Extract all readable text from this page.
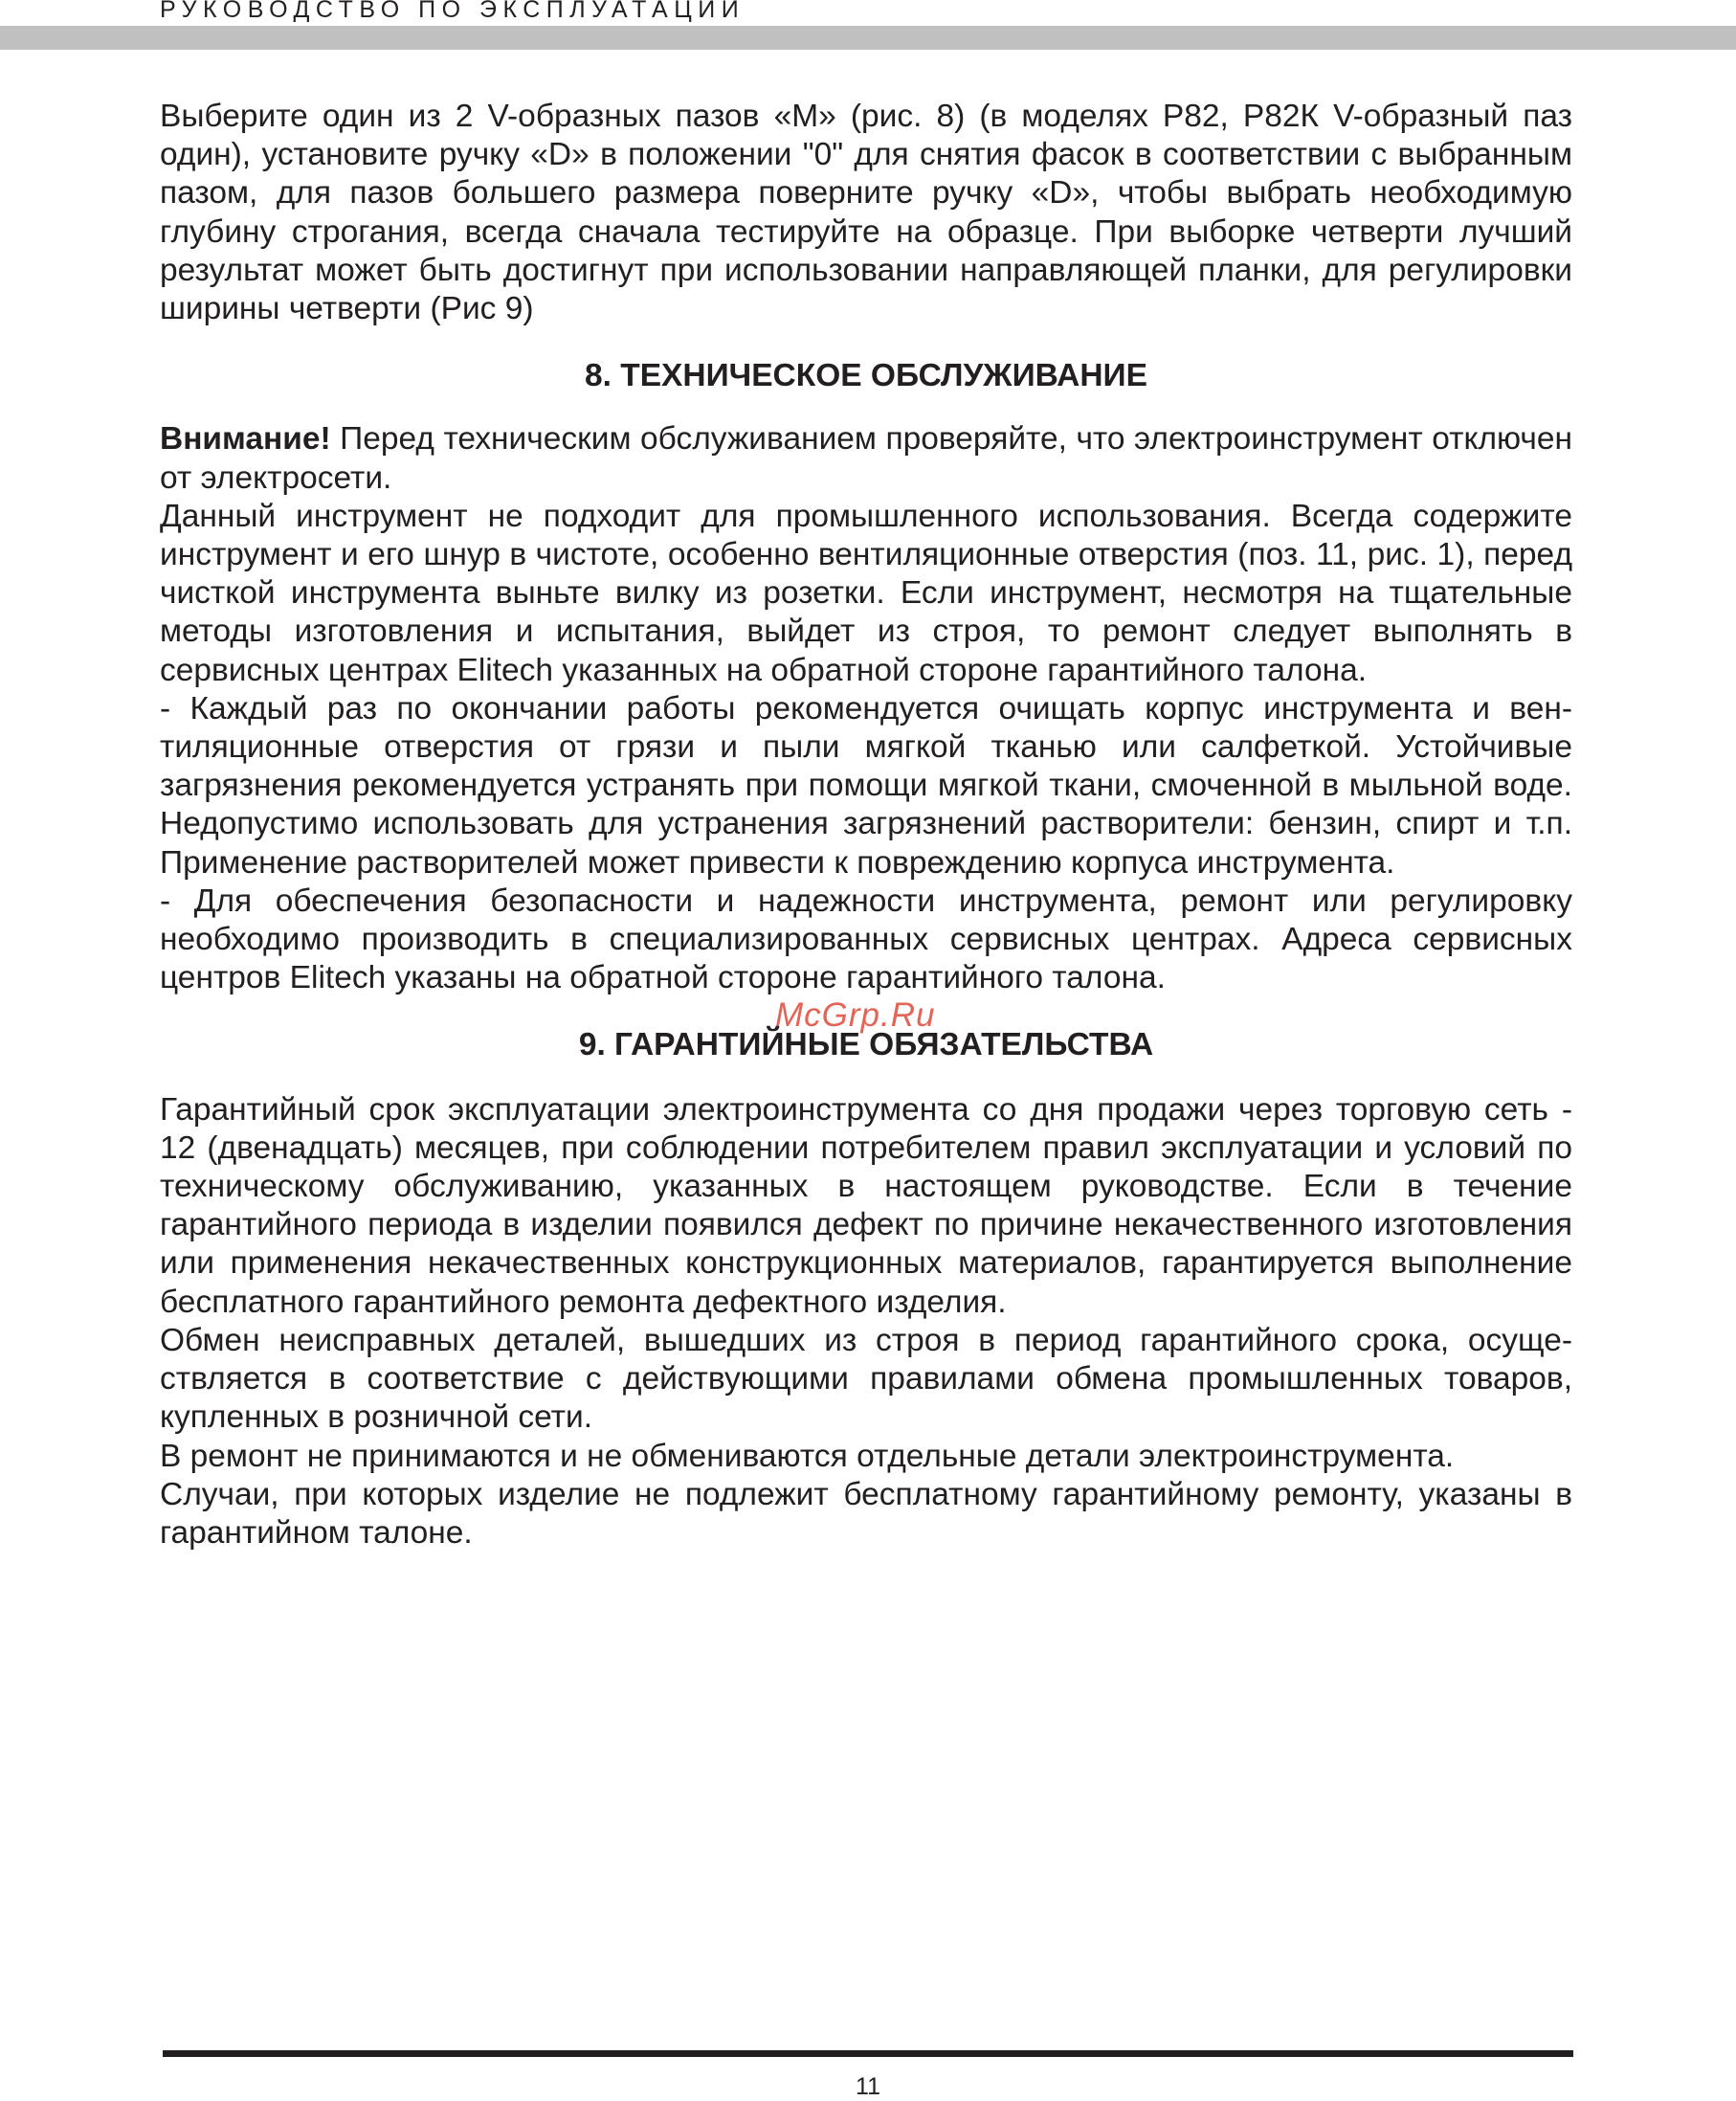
РУКОВОДСТВО ПО ЭКСПЛУАТАЦИИ

Выберите один из 2 V-образных пазов «М» (рис. 8) (в моделях Р82, Р82К V-образный паз один), установите ручку «D» в положении "0" для снятия фасок в соответствии с выбранным пазом, для пазов большего размера поверните ручку «D», чтобы выбрать необходимую глубину строгания, всегда сначала тестируйте на образце. При выборке четверти лучший результат может быть достигнут при использовании направляющей планки, для регулировки ширины четверти (Рис 9)

8. ТЕХНИЧЕСКОЕ ОБСЛУЖИВАНИЕ

Внимание! Перед техническим обслуживанием проверяйте, что электроинструмент отключен от электросети.

Данный инструмент не подходит для промышленного использования. Всегда содержите инструмент и его шнур в чистоте, особенно вентиляционные отверстия (поз. 11, рис. 1), перед чисткой инструмента выньте вилку из розетки. Если инструмент, несмотря на тщательные методы изготовления и испытания, выйдет из строя, то ремонт следует выполнять в сервисных центрах Elitech указанных на обратной стороне гарантийного талона.

- Каждый раз по окончании работы рекомендуется очищать корпус инструмента и вентиляционные отверстия от грязи и пыли мягкой тканью или салфеткой. Устойчивые загрязнения рекомендуется устранять при помощи мягкой ткани, смоченной в мыльной воде. Недопустимо использовать для устранения загрязнений растворители: бензин, спирт и т.п. Применение растворителей может привести к повреждению корпуса инструмента.

- Для обеспечения безопасности и надежности инструмента, ремонт или регулировку необходимо производить в специализированных сервисных центрах. Адреса сервисных центров Elitech указаны на обратной стороне гарантийного талона.

9. ГАРАНТИЙНЫЕ ОБЯЗАТЕЛЬСТВА

Гарантийный срок эксплуатации электроинструмента со дня продажи через торговую сеть - 12 (двенадцать) месяцев, при соблюдении потребителем правил эксплуатации и условий по техническому обслуживанию, указанных в настоящем руководстве. Если в течение гарантийного периода в изделии появился дефект по причине некачественного изготовления или применения некачественных конструкционных материалов, гарантируется выполнение бесплатного гарантийного ремонта дефектного изделия.

Обмен неисправных деталей, вышедших из строя в период гарантийного срока, осуществляется в соответствие с действующими правилами обмена промышленных товаров, купленных в розничной сети.

В ремонт не принимаются и не обмениваются отдельные детали электроинструмента.

Случаи, при которых изделие не подлежит бесплатному гарантийному ремонту, указаны в гарантийном талоне.

McGrp.Ru
11
